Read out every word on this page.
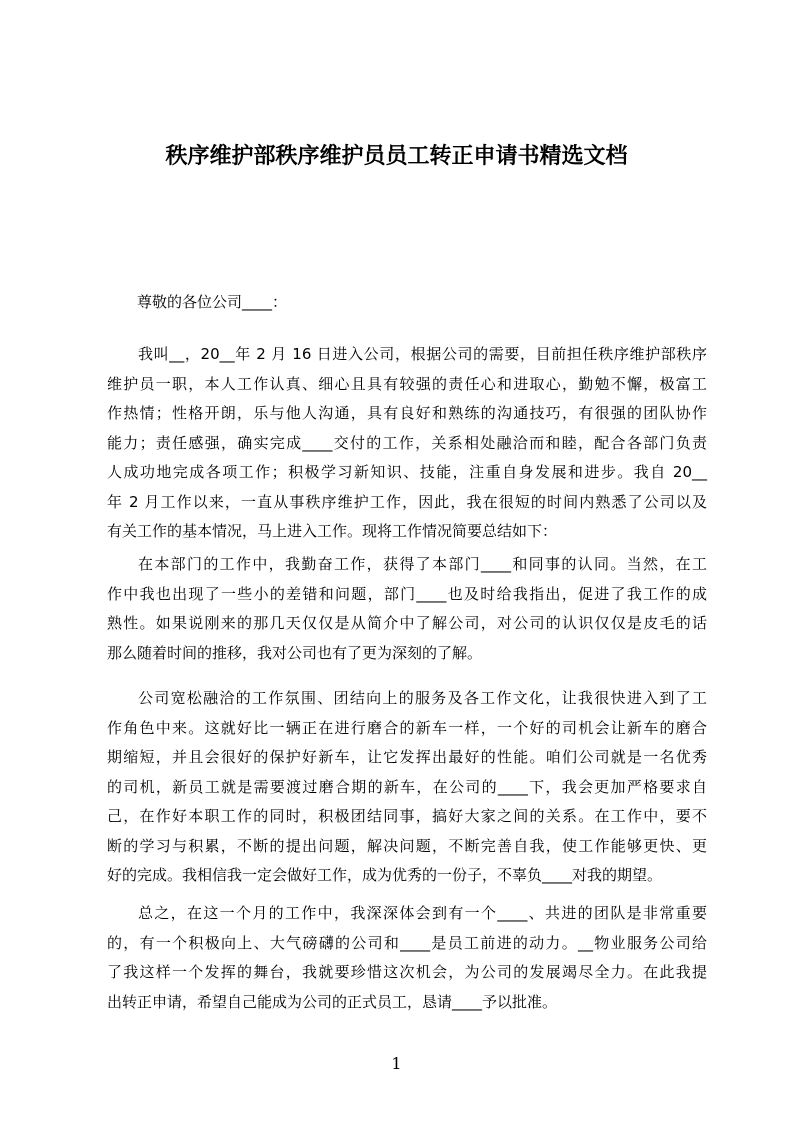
秩序维护部秩序维护员员工转正申请书精选文档
尊敬的各位公司____：
我叫__，20__年 2 月 16 日进入公司，根据公司的需要，目前担任秩序维护部秩序
维护员一职，本人工作认真、细心且具有较强的责任心和进取心，勤勉不懈，极富工
作热情；性格开朗，乐与他人沟通，具有良好和熟练的沟通技巧，有很强的团队协作
能力；责任感强，确实完成____交付的工作，关系相处融洽而和睦，配合各部门负责
人成功地完成各项工作；积极学习新知识、技能，注重自身发展和进步。我自 20__
年 2 月工作以来，一直从事秩序维护工作，因此，我在很短的时间内熟悉了公司以及
有关工作的基本情况，马上进入工作。现将工作情况简要总结如下：
在本部门的工作中，我勤奋工作，获得了本部门____和同事的认同。当然，在工
作中我也出现了一些小的差错和问题，部门____也及时给我指出，促进了我工作的成
熟性。如果说刚来的那几天仅仅是从简介中了解公司，对公司的认识仅仅是皮毛的话
那么随着时间的推移，我对公司也有了更为深刻的了解。
公司宽松融洽的工作氛围、团结向上的服务及各工作文化，让我很快进入到了工
作角色中来。这就好比一辆正在进行磨合的新车一样，一个好的司机会让新车的磨合
期缩短，并且会很好的保护好新车，让它发挥出最好的性能。咱们公司就是一名优秀
的司机，新员工就是需要渡过磨合期的新车，在公司的____下，我会更加严格要求自
己，在作好本职工作的同时，积极团结同事，搞好大家之间的关系。在工作中，要不
断的学习与积累，不断的提出问题，解决问题，不断完善自我，使工作能够更快、更
好的完成。我相信我一定会做好工作，成为优秀的一份子，不辜负____对我的期望。
总之，在这一个月的工作中，我深深体会到有一个____、共进的团队是非常重要
的，有一个积极向上、大气磅礴的公司和____是员工前进的动力。__物业服务公司给
了我这样一个发挥的舞台，我就要珍惜这次机会，为公司的发展竭尽全力。在此我提
出转正申请，希望自己能成为公司的正式员工，恳请____予以批准。
1
